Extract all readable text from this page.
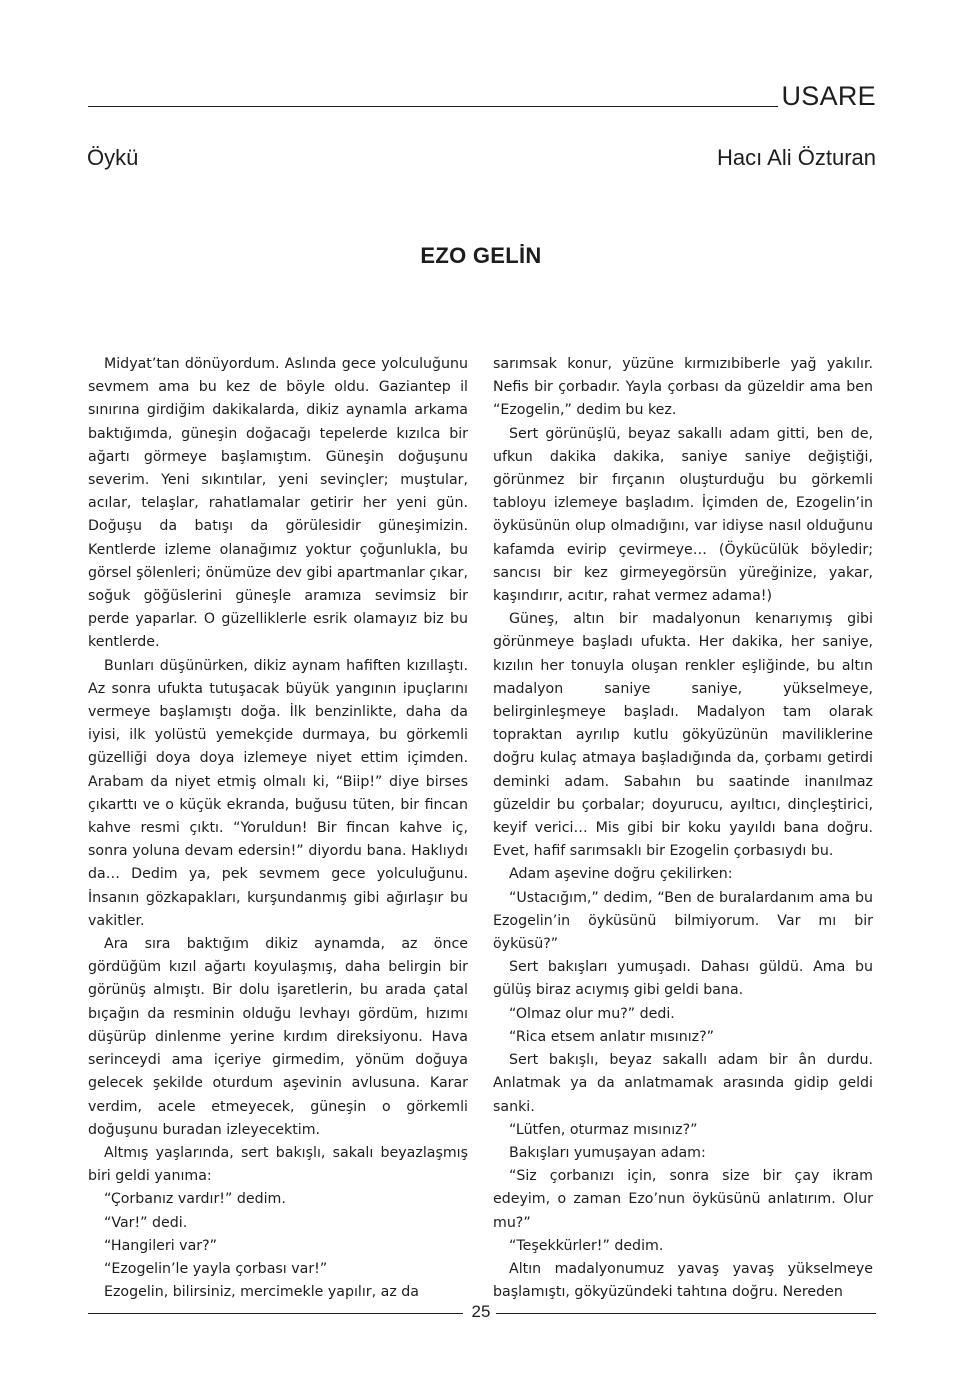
USARE
Öykü	Hacı Ali Özturan
EZO GELİN

Midyat’tan dönüyordum. Aslında gece yolculuğunu sevmem ama bu kez de böyle oldu. Gaziantep il sınırına girdiğim dakikalarda, dikiz aynamla arkama baktığımda, güneşin doğacağı tepelerde kızılca bir ağartı görmeye başlamıştım. Güneşin doğuşunu severim. Yeni sıkıntılar, yeni sevinçler; muştular, acılar, telaşlar, rahatlamalar getirir her yeni gün. Doğuşu da batışı da görülesidir güneşimizin. Kentlerde izleme olanağımız yoktur çoğunlukla, bu görsel şölenleri; önümüze dev gibi apartmanlar çıkar, soğuk göğüslerini güneşle aramıza sevimsiz bir perde yaparlar. O güzelliklerle esrik olamayız biz bu kentlerde.

Bunları düşünürken, dikiz aynam hafiften kızıllaştı. Az sonra ufukta tutuşacak büyük yangının ipuçlarını vermeye başlamıştı doğa. İlk benzinlikte, daha da iyisi, ilk yolüstü yemekçide durmaya, bu görkemli güzelliği doya doya izlemeye niyet ettim içimden. Arabam da niyet etmiş olmalı ki, “Biip!” diye birses çıkarttı ve o küçük ekranda, buğusu tüten, bir fincan kahve resmi çıktı. “Yoruldun! Bir fincan kahve iç, sonra yoluna devam edersin!” diyordu bana. Haklıydı da… Dedim ya, pek sevmem gece yolculuğunu. İnsanın gözkapakları, kurşundanmış gibi ağırlaşır bu vakitler.

Ara sıra baktığım dikiz aynamda, az önce gördüğüm kızıl ağartı koyulaşmış, daha belirgin bir görünüş almıştı. Bir dolu işaretlerin, bu arada çatal bıçağın da resminin olduğu levhayı gördüm, hızımı düşürüp dinlenme yerine kırdım direksiyonu. Hava serinceydi ama içeriye girmedim, yönüm doğuya gelecek şekilde oturdum aşevinin avlusuna. Karar verdim, acele etmeyecek, güneşin o görkemli doğuşunu buradan izleyecektim.

Altmış yaşlarında, sert bakışlı, sakalı beyazlaşmış biri geldi yanıma:

“Çorbanız vardır!” dedim.

“Var!” dedi.

“Hangileri var?”

“Ezogelin’le yayla çorbası var!”

Ezogelin, bilirsiniz, mercimekle yapılır, az da

sarımsak konur, yüzüne kırmızıbiberle yağ yakılır. Nefis bir çorbadır. Yayla çorbası da güzeldir ama ben “Ezogelin,” dedim bu kez.

Sert görünüşlü, beyaz sakallı adam gitti, ben de, ufkun dakika dakika, saniye saniye değiştiği, görünmez bir fırçanın oluşturduğu bu görkemli tabloyu izlemeye başladım. İçimden de, Ezogelin’in öyküsünün olup olmadığını, var idiyse nasıl olduğunu kafamda evirip çevirmeye… (Öykücülük böyledir; sancısı bir kez girmeyegörsün yüreğinize, yakar, kaşındırır, acıtır, rahat vermez adama!)

Güneş, altın bir madalyonun kenarıymış gibi görünmeye başladı ufukta. Her dakika, her saniye, kızılın her tonuyla oluşan renkler eşliğinde, bu altın madalyon saniye saniye, yükselmeye, belirginleşmeye başladı. Madalyon tam olarak topraktan ayrılıp kutlu gökyüzünün maviliklerine doğru kulaç atmaya başladığında da, çorbamı getirdi deminki adam. Sabahın bu saatinde inanılmaz güzeldir bu çorbalar; doyurucu, ayıltıcı, dinçleştirici, keyif verici… Mis gibi bir koku yayıldı bana doğru. Evet, hafif sarımsaklı bir Ezogelin çorbasıydı bu.

Adam aşevine doğru çekilirken:

“Ustacığım,” dedim, “Ben de buralardanım ama bu Ezogelin’in öyküsünü bilmiyorum. Var mı bir öyküsü?”

Sert bakışları yumuşadı. Dahası güldü. Ama bu gülüş biraz acıymış gibi geldi bana.

“Olmaz olur mu?” dedi.

“Rica etsem anlatır mısınız?”

Sert bakışlı, beyaz sakallı adam bir ân durdu. Anlatmak ya da anlatmamak arasında gidip geldi sanki.

“Lütfen, oturmaz mısınız?”

Bakışları yumuşayan adam:

“Siz çorbanızı için, sonra size bir çay ikram edeyim, o zaman Ezo’nun öyküsünü anlatırım. Olur mu?”

“Teşekkürler!” dedim.

Altın madalyonumuz yavaş yavaş yükselmeye başlamıştı, gökyüzündeki tahtına doğru. Nereden

25
